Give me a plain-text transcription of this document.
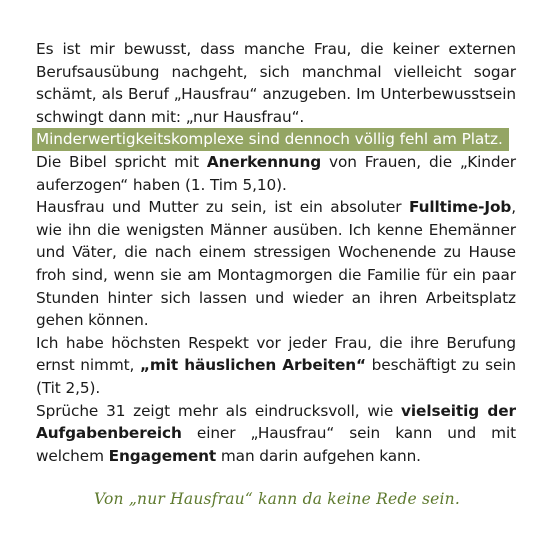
Es ist mir bewusst, dass manche Frau, die keiner externen Berufsausübung nachgeht, sich manchmal vielleicht sogar schämt, als Beruf „Hausfrau“ anzugeben. Im Unterbewusstsein schwingt dann mit: „nur Hausfrau“.

Minderwertigkeitskomplexe sind dennoch völlig fehl am Platz.

Die Bibel spricht mit Anerkennung von Frauen, die „Kinder auferzogen“ haben (1. Tim 5,10).

Hausfrau und Mutter zu sein, ist ein absoluter Fulltime-Job, wie ihn die wenigsten Männer ausüben. Ich kenne Ehemänner und Väter, die nach einem stressigen Wochenende zu Hause froh sind, wenn sie am Montagmorgen die Familie für ein paar Stunden hinter sich lassen und wieder an ihren Arbeitsplatz gehen können.

Ich habe höchsten Respekt vor jeder Frau, die ihre Berufung ernst nimmt, „mit häuslichen Arbeiten“ beschäftigt zu sein (Tit 2,5).

Sprüche 31 zeigt mehr als eindrucksvoll, wie vielseitig der Aufgabenbereich einer „Hausfrau“ sein kann und mit welchem Engagement man darin aufgehen kann.

Von „nur Hausfrau“ kann da keine Rede sein.
